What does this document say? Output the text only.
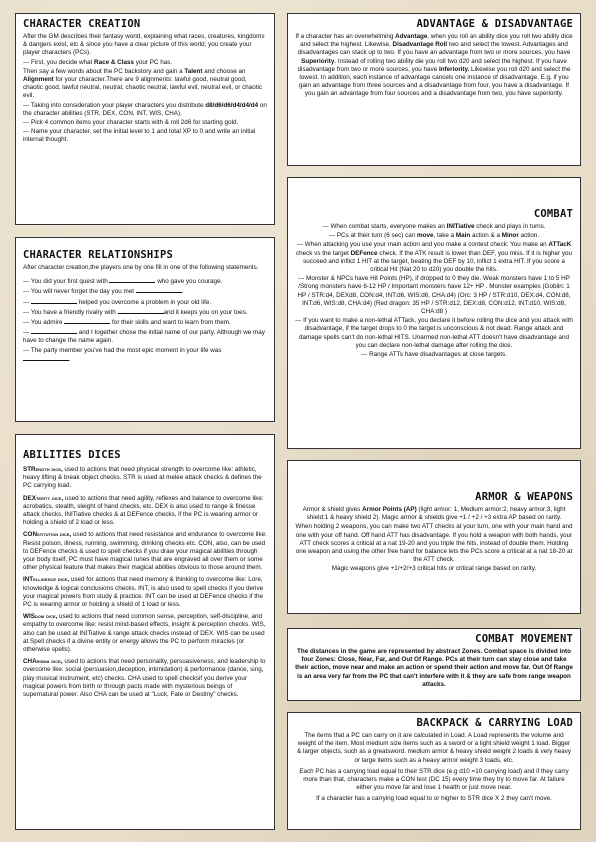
CHARACTER CREATION

After the GM describes their fantasy world, explaining what races, creatures, kingdoms & dangers exist, etc & since you have a clear picture of this world, you create your player characters (PCs).

--- First, you decide what Race & Class your PC has.

Then say a few words about the PC backstory and gain a Talent and choose an Alignment for your character.There are 9 alignments: lawful good, neutral good, chaotic good, lawful neutral, neutral, chaotic neutral, lawful evil, neutral evil, or chaotic evil.

--- Taking into consideration your player characters you distribute d8/d6/d6/d4/d4/d4 on the character abilities (STR, DEX, CON, INT, WIS, CHA).

--- Pick 4 common items your character starts with & roll 2d6 for starting gold.

--- Name your character, set the initial level to 1 and total XP to 0 and write an initial internal thought.

CHARACTER RELATIONSHIPS

After character creation,the players one by one fill in one of the following statements.

--- You did your first quest with	who gave you courage.

--- You will never forget the day you met	.

---	helped you overcome a problem in your old life.

--- You have a friendly rivalry with	and it keeps you on your toes.

--- You admire	for their skills and want to learn from them.

---	and I together chose the initial name of our party. Although we may have to change the name again.

--- The party member you've had the most epic moment in your life was .

ABILITIES DICES

STRength dice, used to actions that need physical strength to overcome like: athletic, heavy lifting & break object checks. STR is used at melee attack checks & defines the PC carrying load.

DEXterity dice, used to actions that need agility, reflexes and balance to overcome like: acrobatics, stealth, sleight of hand checks, etc. DEX is also used to range & finesse attack checks, INITiative checks & at DEFence checks, if the PC is wearing armor or holding a shield of 2 load or less.

CONstitution dice, used to actions that need resistance and endurance to overcome like: Resist poison, illness, running, swimming, drinking checks etc. CON, also, can be used to DEFence checks & used to spell checks if you draw your magical abilities through your body itself, PC must have magical runes that are engraved all over them or some other physical feature that makes their magical abilities obvious to those around them.

INTelligence dice, used for actions that need memory & thinking to overcome like: Lore, knowledge & logical conclusions checks. INT, is also used to spell checks if you derive your magical powers from study & practice. INT can be used at DEFence checks if the PC is wearing armor or holding a shield of 1 load or less.

WISdom dice, used to actions that need common sense, perception, self-discipline, and empathy to overcome like: resist mind-based effects, insight & perception checks. WIS, also can be used at INITiative & range attack checks instead of DEX. WIS can be used at Spell checks if a divine entity or energy allows the PC to perform miracles (or otherwise spells).

CHArisma dice, used to actions that need personality, persuasiveness, and leadership to overcome like: social (persuasion,deception, intimidation) & performance (dance, sing, play musical instrument, etc) checks. CHA used to spell checksif you derive your magical powers from birth or through pacts made with mysterious beings of supernatural power. Also CHA can be used at "Luck, Fate or Destiny" checks.

ADVANTAGE & DISADVANTAGE

If a character has an overwhelming Advantage, when you roll an ability dice you roll two ability dice and select the highest. Likewise, Disadvantage Roll two and select the lowest. Advantages and disadvantages can stack up to two. If you have an advantage from two or more sources, you have Superiority. Instead of rolling two ability die you roll two d20 and select the highest. If you have disadvantage from two or more sources, you have Inferiority. Likewise you roll d20 and select the lowest. In addition, each instance of advantage cancels one instance of disadvantage. E.g, if you gain an advantage from three sources and a disadvantage from four, you have a disadvantage. If you gain an advantage from four sources and a disadvantage from two, you have superiority.

COMBAT

--- When combat starts, everyone makes an INITiative check and plays in turns.

--- PCs at their turn (6 sec) can move, take a Main action & a Minor action.

--- When attacking you use your main action and you make a contest check: You make an ATTacK check vs the target DEFence check. If the ATK result is lower than DEF, you miss. If it is higher you succeed and inflict 1 HIT at the target, beating the DEF by 10, inflict 1 extra HIT. If you score a critical Hit (Nat 20 to d20) you double the hits.

--- Monster & NPCs have Hit Points (HP), if dropped to 0 they die. Weak monsters have 1 to 5 HP /Strong monsters have 6-12 HP / Important monsters have 12+ HP . Monster examples (Goblin: 1 HP / STR:d4, DEXd8, CON:d4, INT:d6, WIS:d6, CHA:d4) (Orc: 3 HP / STR:d10, DEX:d4, CON:d8, INT:d6, WIS:d8, CHA:d4) (Red dragon: 35 HP / STR:d12, DEX:d8, CON:d12, INT:d10, WIS:d8, CHA:d8 )

--- If you want to make a non-lethal ATTack, you declare it before rolling the dice and you attack with disadvantage, if the target drops to 0 the target is unconscious & not dead. Range attack and damage spells can't do non-lethal HITS. Unarmed non-lethal ATT doesn't have disadvantage and you can declare non-lethal damage after rolling the dice.

--- Range ATTs have disadvantages at close targets.

ARMOR & WEAPONS

Armor & shield gives Armor Points (AP) (light armor: 1, Medium armor:2, heavy armor:3, light shield:1 & heavy shield 2). Magic armor & shields give +1 / +2 / +3 extra AP based on rarity.

When holding 2 weapons, you can make two ATT checks at your turn, one with your main hand and one with your off hand. Off hand ATT has disadvantage. If you hold a weapon with both hands, your ATT check scores a critical at a nat 19-20 and you triple the hits, instead of double them. Holding one weapon and using the other free hand for balance lets the PCs score a critical at a nat 18-20 at the ATT check.

Magic weapons give +1/+2/+3 critical hits or critical range based on rarity.

COMBAT MOVEMENT

The distances in the game are represented by abstract Zones. Combat space is divided into four Zones: Close, Near, Far, and Out Of Range. PCs at their turn can stay close and take their action, move near and make an action or spend their action and move far. Out Of Range is an area very far from the PC that can't interfere with it & they are safe from range weapon attacks.

BACKPACK & CARRYING LOAD

The items that a PC can carry on it are calculated in Load. A Load represents the volume and weight of the item. Most medium size items such as a sword or a light shield weight 1 load. Bigger & larger objects, such as a greatsword, medium armor & heavy shield weight 2 loads & very heavy or large items such as a heavy armor weight 3 loads, etc.

Each PC has a carrying load equal to their STR dice (e.g d10 =10 carrying load) and if they carry more than that, characters make a CON test (DC 15) every time they try to move far. At failure either you move far and lose 1 health or just move near.

If a character has a carrying load equal to or higher to STR dice X 2 they can't move.
